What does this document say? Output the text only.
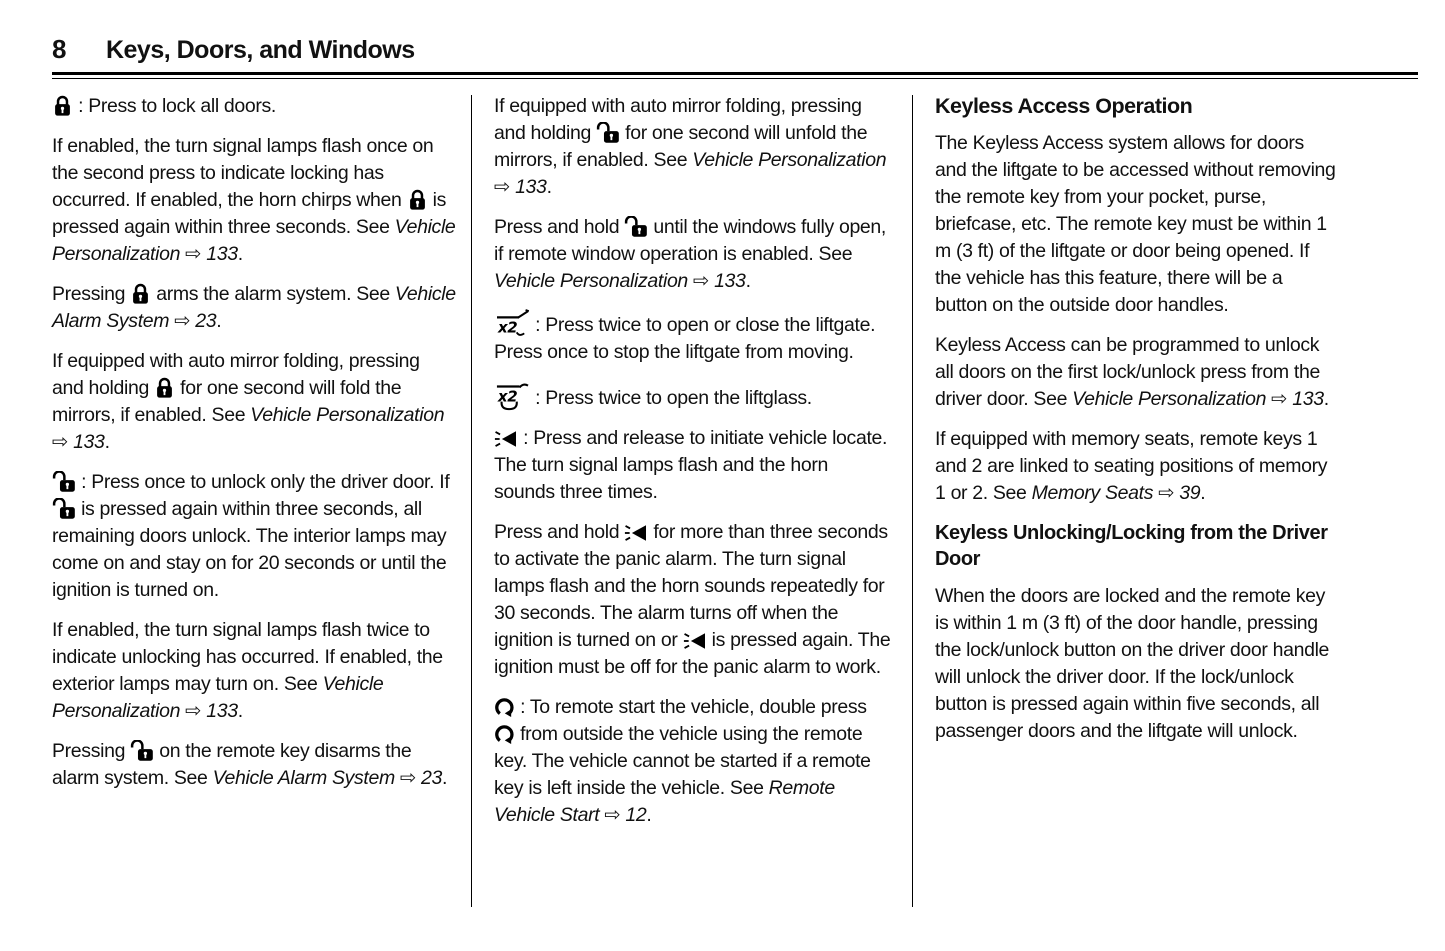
8 Keys, Doors, and Windows

: Press to lock all doors.

If enabled, the turn signal lamps flash once on the second press to indicate locking has occurred. If enabled, the horn chirps when  is pressed again within three seconds. See Vehicle Personalization ⇨ 133.

Pressing  arms the alarm system. See Vehicle Alarm System ⇨ 23.

If equipped with auto mirror folding, pressing and holding  for one second will fold the mirrors, if enabled. See Vehicle Personalization ⇨ 133.

: Press once to unlock only the driver door. If  is pressed again within three seconds, all remaining doors unlock. The interior lamps may come on and stay on for 20 seconds or until the ignition is turned on.

If enabled, the turn signal lamps flash twice to indicate unlocking has occurred. If enabled, the exterior lamps may turn on. See Vehicle Personalization ⇨ 133.

Pressing  on the remote key disarms the alarm system. See Vehicle Alarm System ⇨ 23.

If equipped with auto mirror folding, pressing and holding  for one second will unfold the mirrors, if enabled. See Vehicle Personalization ⇨ 133.

Press and hold  until the windows fully open, if remote window operation is enabled. See Vehicle Personalization ⇨ 133.

x2 : Press twice to open or close the liftgate. Press once to stop the liftgate from moving.

x2 : Press twice to open the liftglass.

: Press and release to initiate vehicle locate. The turn signal lamps flash and the horn sounds three times.

Press and hold  for more than three seconds to activate the panic alarm. The turn signal lamps flash and the horn sounds repeatedly for 30 seconds. The alarm turns off when the ignition is turned on or  is pressed again. The ignition must be off for the panic alarm to work.

: To remote start the vehicle, double press  from outside the vehicle using the remote key. The vehicle cannot be started if a remote key is left inside the vehicle. See Remote Vehicle Start ⇨ 12.

Keyless Access Operation

The Keyless Access system allows for doors and the liftgate to be accessed without removing the remote key from your pocket, purse, briefcase, etc. The remote key must be within 1 m (3 ft) of the liftgate or door being opened. If the vehicle has this feature, there will be a button on the outside door handles.

Keyless Access can be programmed to unlock all doors on the first lock/unlock press from the driver door. See Vehicle Personalization ⇨ 133.

If equipped with memory seats, remote keys 1 and 2 are linked to seating positions of memory 1 or 2. See Memory Seats ⇨ 39.

Keyless Unlocking/Locking from the Driver Door

When the doors are locked and the remote key is within 1 m (3 ft) of the door handle, pressing the lock/unlock button on the driver door handle will unlock the driver door. If the lock/unlock button is pressed again within five seconds, all passenger doors and the liftgate will unlock.
